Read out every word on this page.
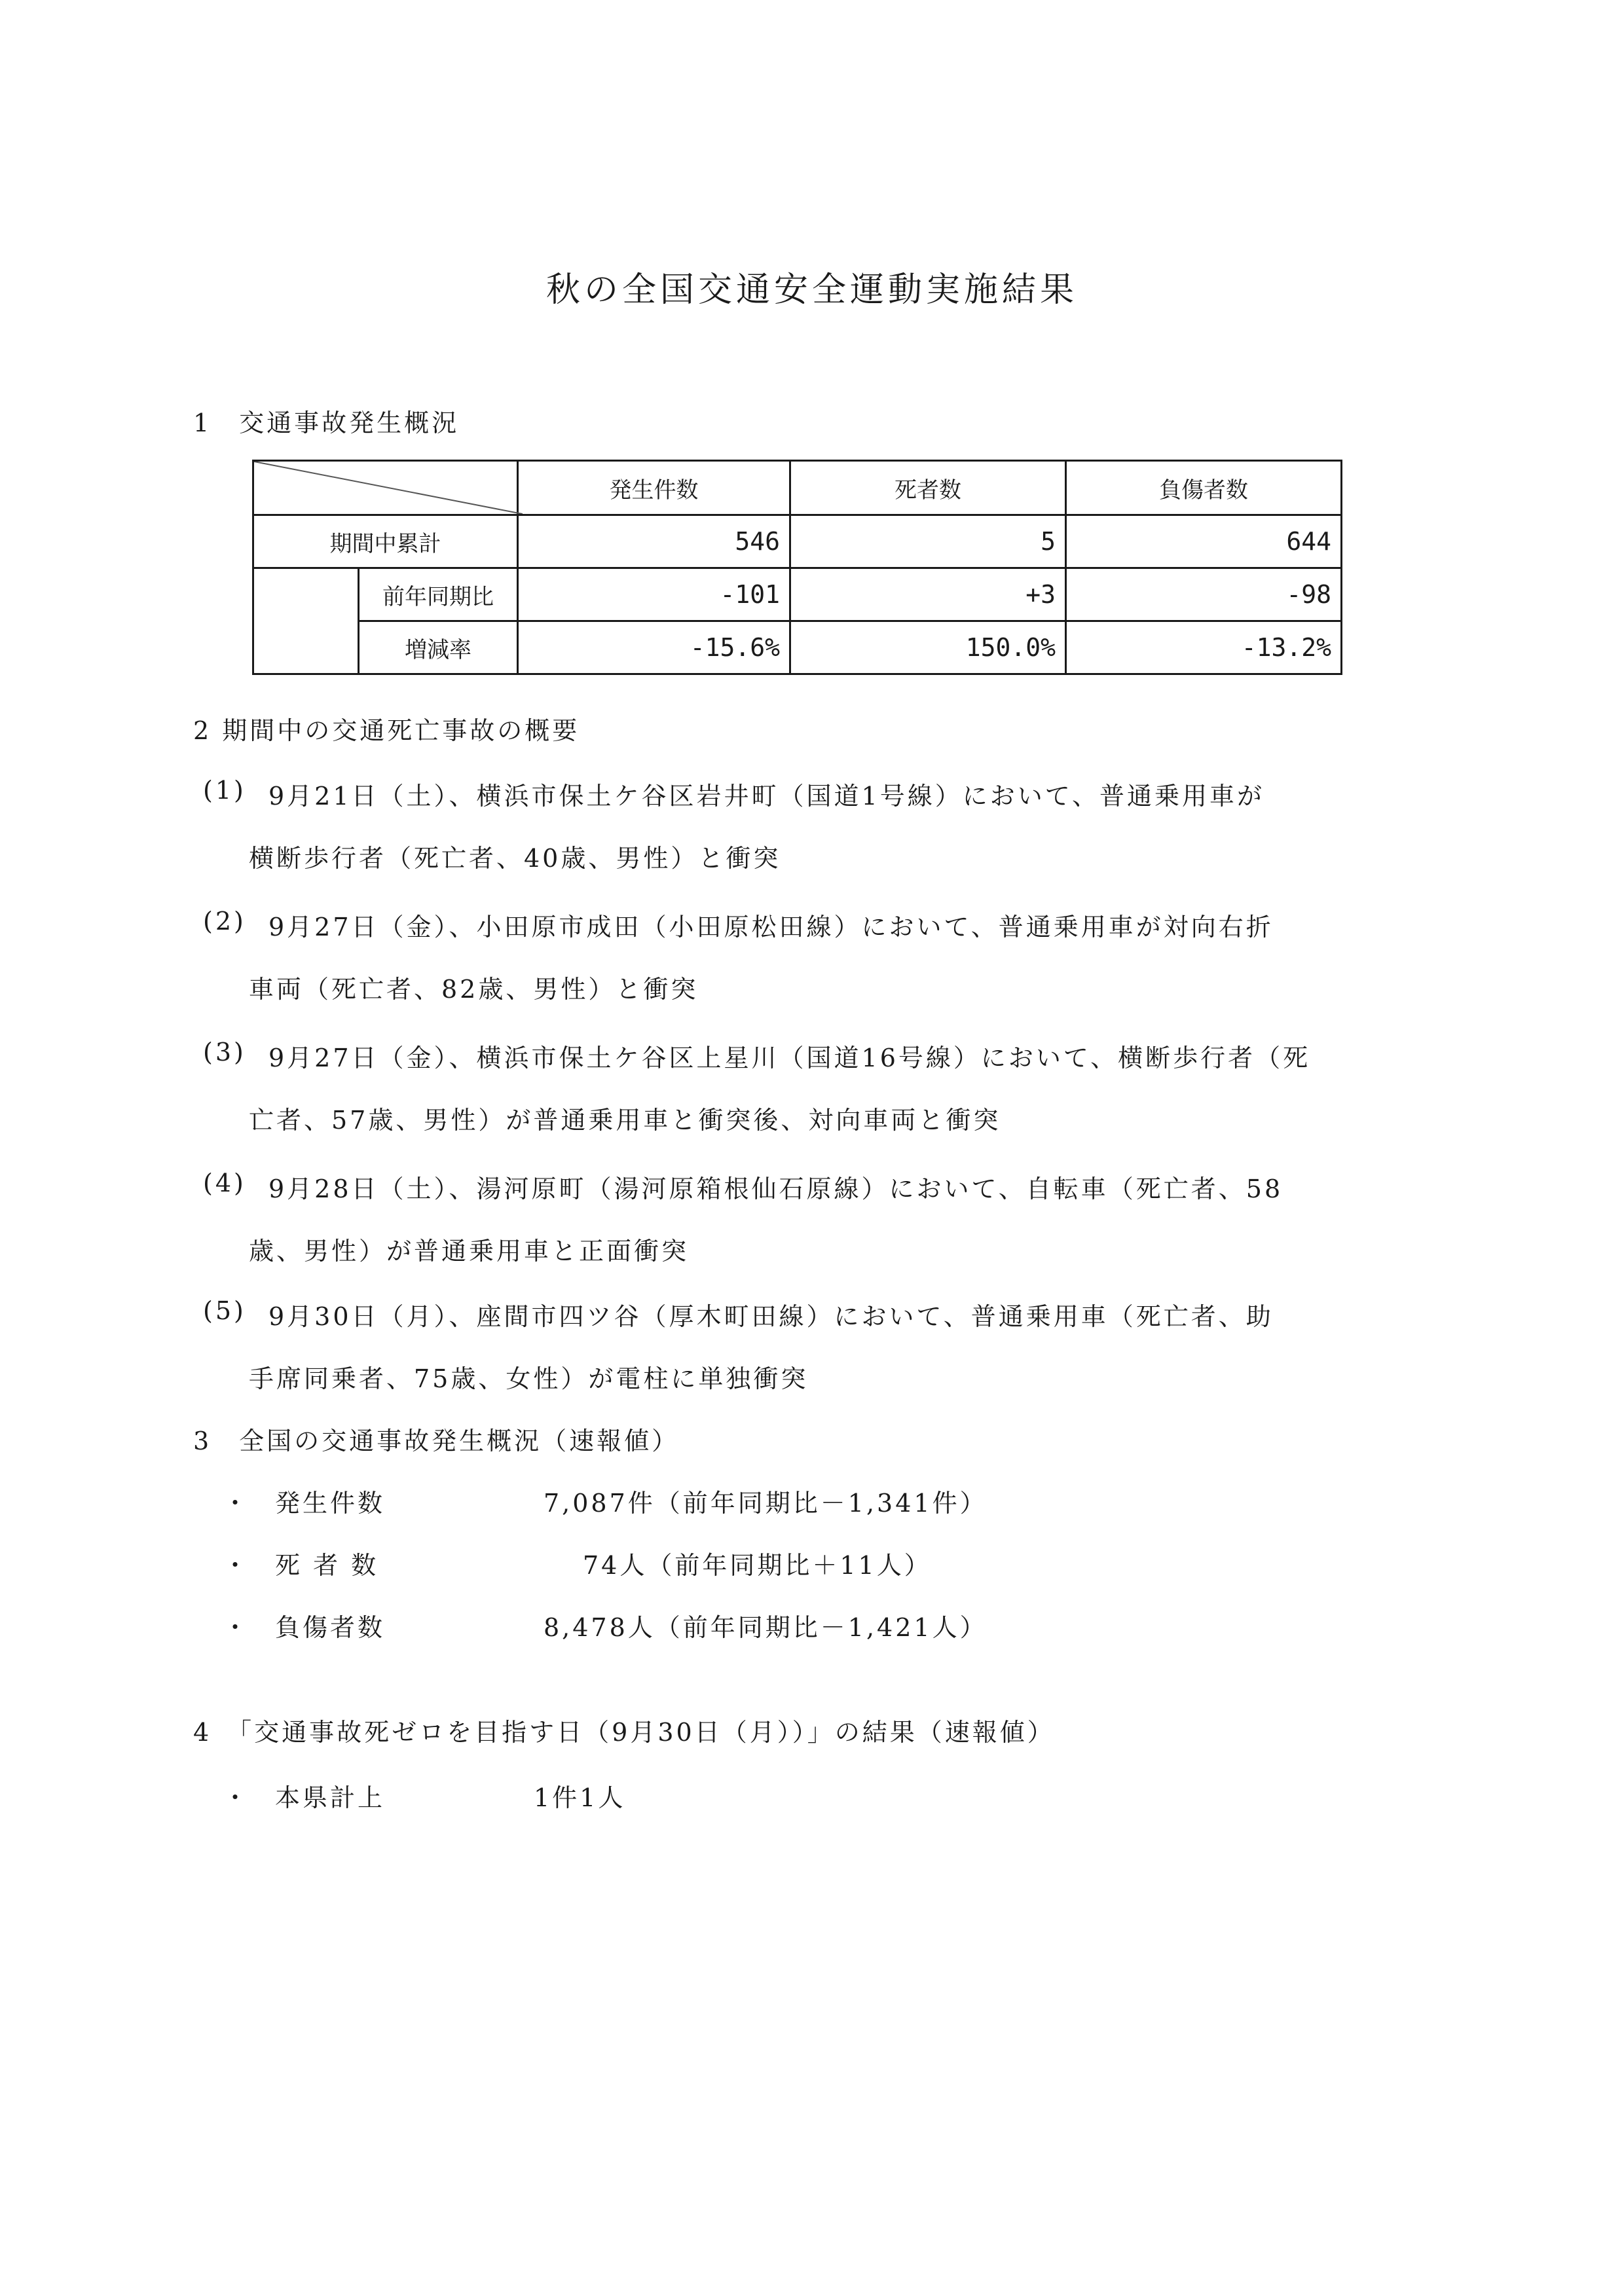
秋の全国交通安全運動実施結果
1　交通事故発生概況
	発生件数	死者数	負傷者数
期間中累計		546	5	644
	前年同期比	-101	+3	-98
	増減率	-15.6%	150.0%	-13.2%
2 期間中の交通死亡事故の概要
(1) 9月21日（土）、横浜市保土ケ谷区岩井町（国道1号線）において、普通乗用車が
横断歩行者（死亡者、40歳、男性）と衝突
(2) 9月27日（金）、小田原市成田（小田原松田線）において、普通乗用車が対向右折
車両（死亡者、82歳、男性）と衝突
(3) 9月27日（金）、横浜市保土ケ谷区上星川（国道16号線）において、横断歩行者（死
亡者、57歳、男性）が普通乗用車と衝突後、対向車両と衝突
(4) 9月28日（土）、湯河原町（湯河原箱根仙石原線）において、自転車（死亡者、58
歳、男性）が普通乗用車と正面衝突
(5) 9月30日（月）、座間市四ツ谷（厚木町田線）において、普通乗用車（死亡者、助
手席同乗者、75歳、女性）が電柱に単独衝突
3　全国の交通事故発生概況（速報値）
・ 発生件数	7,087件（前年同期比－1,341件）
・ 死 者 数	74人（前年同期比＋11人）
・ 負傷者数	8,478人（前年同期比－1,421人）
4　「交通事故死ゼロを目指す日（9月30日（月））」の結果（速報値）
・ 本県計上	1件1人
